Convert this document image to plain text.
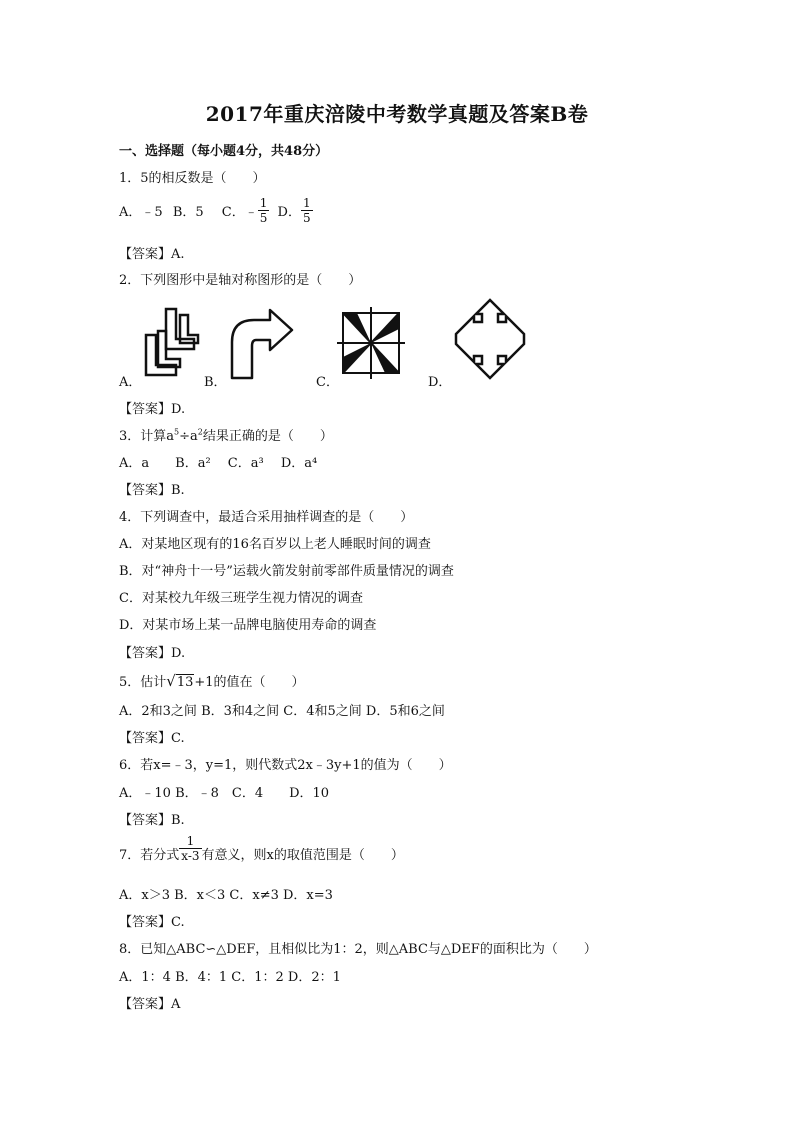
2017年重庆涪陵中考数学真题及答案B卷
一、选择题（每小题4分，共48分）
1．5的相反数是（　　）
A．﹣5 B．5 C．﹣ $\frac{1}{5}$ D． $\frac{1}{5}$
【答案】A.
2．下列图形中是轴对称图形的是（　　）
A．	B．	C．	D．
【答案】D.
3．计算$a^5\div a^2$结果正确的是（　　）
A．a　　B．a²　 C．a³　 D．a⁴
【答案】B.
4．下列调查中，最适合采用抽样调查的是（　　）
A．对某地区现有的16名百岁以上老人睡眠时间的调查
B．对“神舟十一号”运载火箭发射前零部件质量情况的调查
C．对某校九年级三班学生视力情况的调查
D．对某市场上某一品牌电脑使用寿命的调查
【答案】D.
5．估计√13+1的值在（　　）
A．2和3之间 B．3和4之间 C．4和5之间 D．5和6之间
【答案】C.
6．若x=﹣3，y=1，则代数式2x﹣3y+1的值为（　　）
A．﹣10 B．﹣8　C．4　　D．10
【答案】B.
7．若分式 $\frac{1}{x-3}$ 有意义，则x的取值范围是（　　）
A．x＞3 B．x＜3 C．x≠3 D．x=3
【答案】C.
8．已知△ABC∽△DEF，且相似比为1：2，则△ABC与△DEF的面积比为（　　）
A．1：4 B．4：1 C．1：2 D．2：1
【答案】A
